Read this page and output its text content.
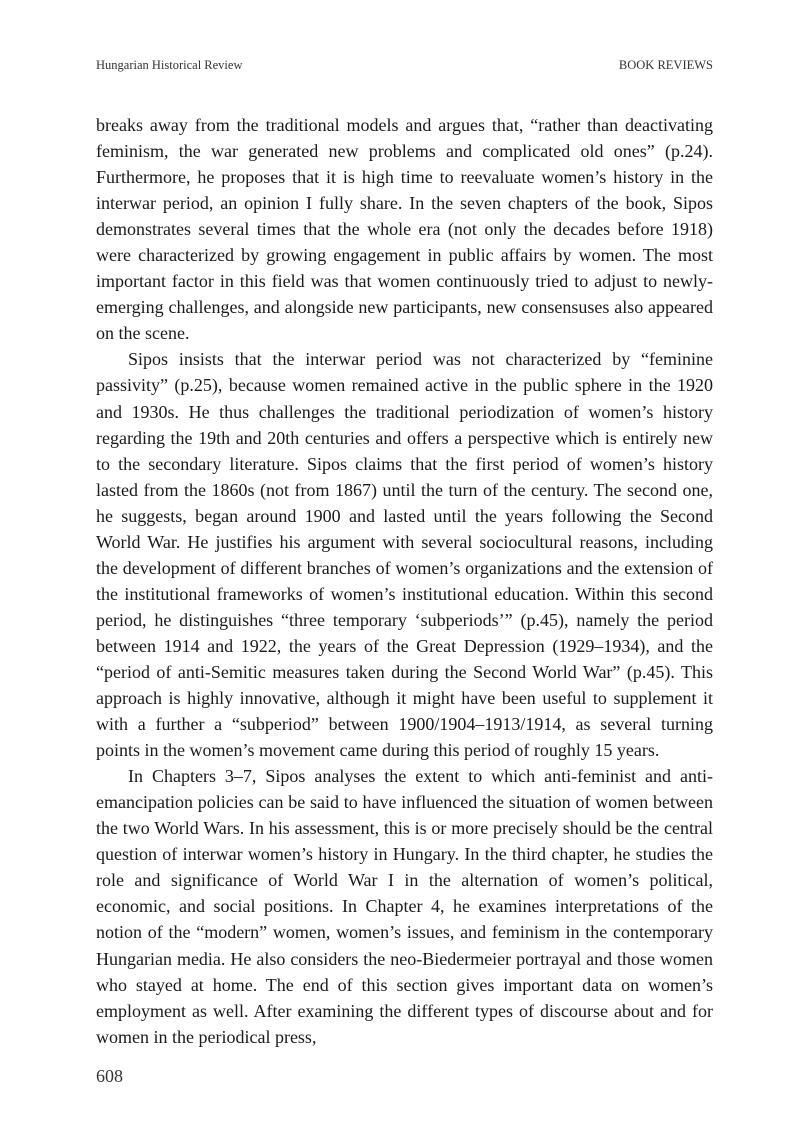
Hungarian Historical Review	BOOK REVIEWS

breaks away from the traditional models and argues that, “rather than deactivating feminism, the war generated new problems and complicated old ones” (p.24). Furthermore, he proposes that it is high time to reevaluate women’s history in the interwar period, an opinion I fully share. In the seven chapters of the book, Sipos demonstrates several times that the whole era (not only the decades before 1918) were characterized by growing engagement in public affairs by women. The most important factor in this field was that women continuously tried to adjust to newly-emerging challenges, and alongside new participants, new consensuses also appeared on the scene.

Sipos insists that the interwar period was not characterized by “feminine passivity” (p.25), because women remained active in the public sphere in the 1920 and 1930s. He thus challenges the traditional periodization of women’s history regarding the 19th and 20th centuries and offers a perspective which is entirely new to the secondary literature. Sipos claims that the first period of women’s history lasted from the 1860s (not from 1867) until the turn of the century. The second one, he suggests, began around 1900 and lasted until the years following the Second World War. He justifies his argument with several sociocultural reasons, including the development of different branches of women’s organizations and the extension of the institutional frameworks of women’s institutional education. Within this second period, he distinguishes “three temporary ‘subperiods’” (p.45), namely the period between 1914 and 1922, the years of the Great Depression (1929–1934), and the “period of anti-Semitic measures taken during the Second World War” (p.45). This approach is highly innovative, although it might have been useful to supplement it with a further a “subperiod” between 1900/1904–1913/1914, as several turning points in the women’s movement came during this period of roughly 15 years.

In Chapters 3–7, Sipos analyses the extent to which anti-feminist and anti-emancipation policies can be said to have influenced the situation of women between the two World Wars. In his assessment, this is or more precisely should be the central question of interwar women’s history in Hungary. In the third chapter, he studies the role and significance of World War I in the alternation of women’s political, economic, and social positions. In Chapter 4, he examines interpretations of the notion of the “modern” women, women’s issues, and feminism in the contemporary Hungarian media. He also considers the neo-Biedermeier portrayal and those women who stayed at home. The end of this section gives important data on women’s employment as well. After examining the different types of discourse about and for women in the periodical press,

608
